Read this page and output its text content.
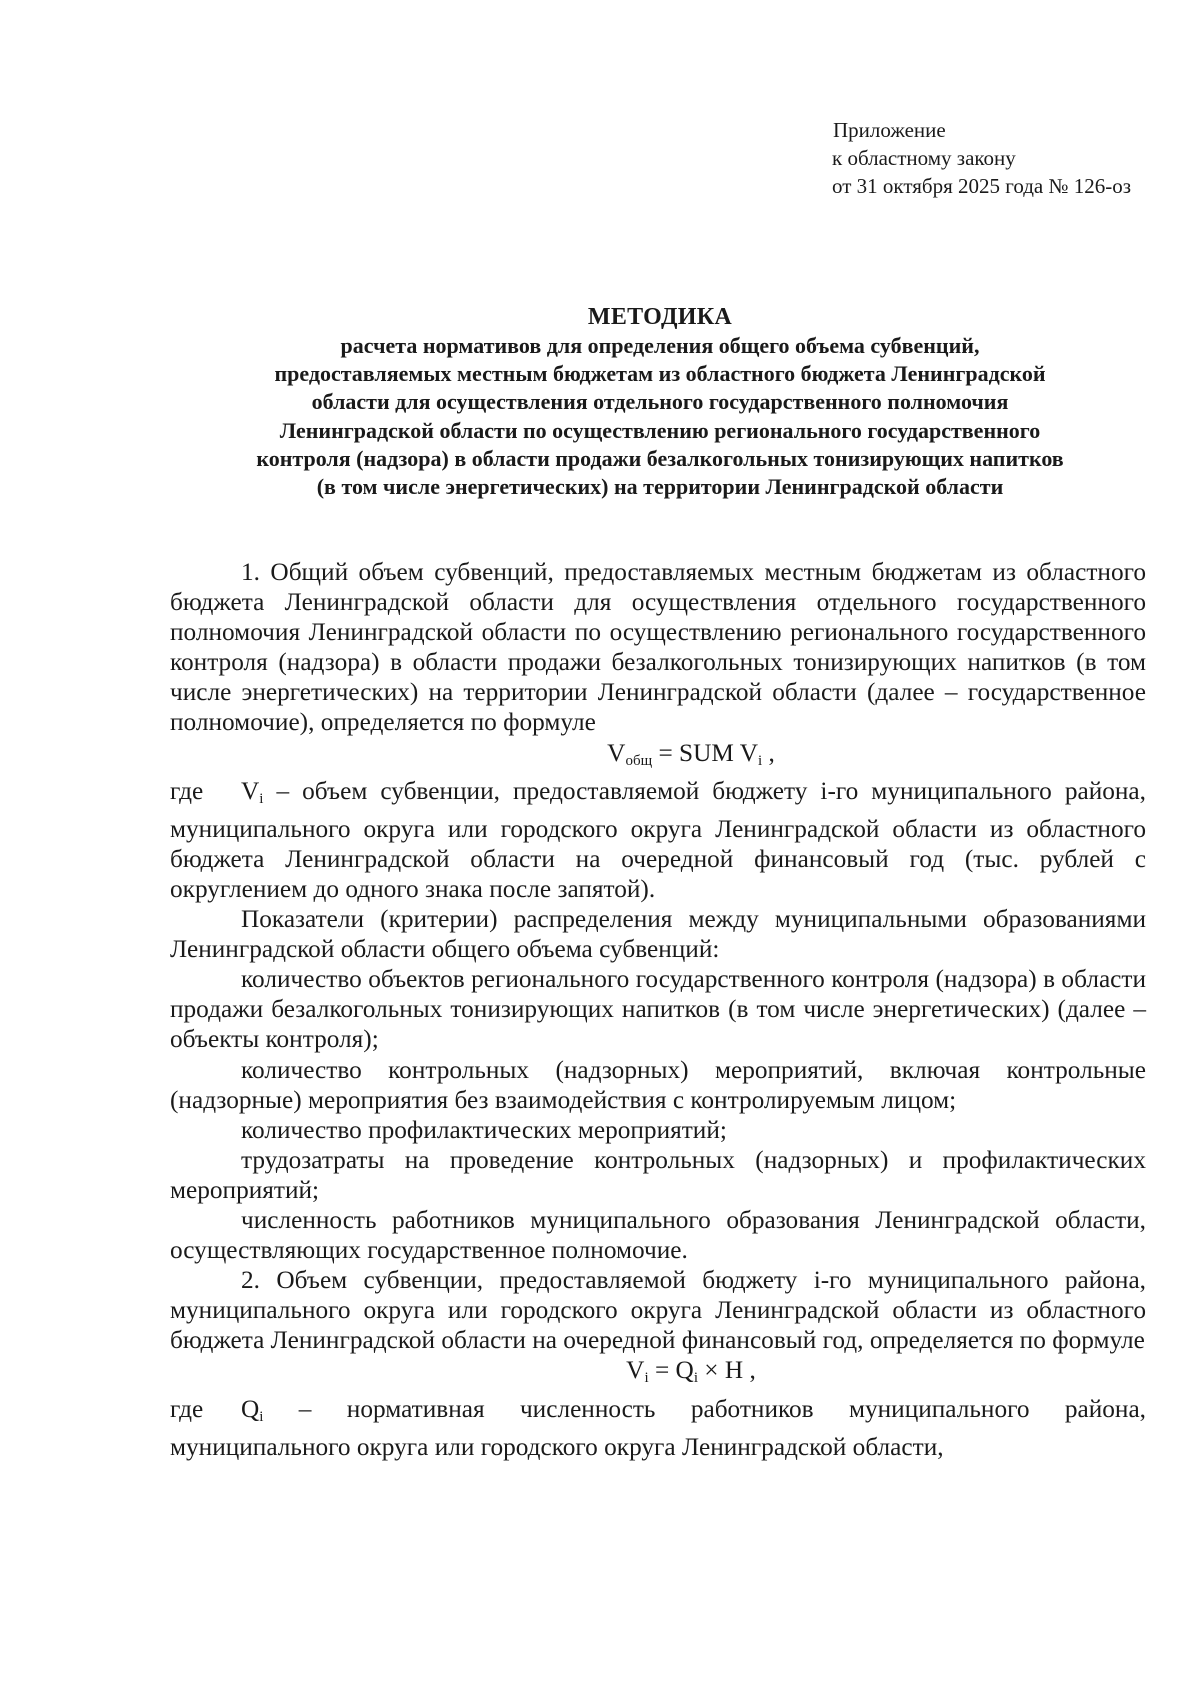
Приложение
к областному закону
от 31 октября 2025 года № 126-оз
МЕТОДИКА
расчета нормативов для определения общего объема субвенций,
предоставляемых местным бюджетам из областного бюджета Ленинградской
области для осуществления отдельного государственного полномочия
Ленинградской области по осуществлению регионального государственного
контроля (надзора) в области продажи безалкогольных тонизирующих напитков
(в том числе энергетических) на территории Ленинградской области

1. Общий объем субвенций, предоставляемых местным бюджетам из областного бюджета Ленинградской области для осуществления отдельного государственного полномочия Ленинградской области по осуществлению регионального государственного контроля (надзора) в области продажи безалкогольных тонизирующих напитков (в том числе энергетических) на территории Ленинградской области (далее – государственное полномочие), определяется по формуле

$V_{общ}$ = SUM $V_i$ ,

где $V_i$ – объем субвенции, предоставляемой бюджету i-го муниципального района, муниципального округа или городского округа Ленинградской области из областного бюджета Ленинградской области на очередной финансовый год (тыс. рублей с округлением до одного знака после запятой).

Показатели (критерии) распределения между муниципальными образованиями Ленинградской области общего объема субвенций:

количество объектов регионального государственного контроля (надзора) в области продажи безалкогольных тонизирующих напитков (в том числе энергетических) (далее – объекты контроля);

количество контрольных (надзорных) мероприятий, включая контрольные (надзорные) мероприятия без взаимодействия с контролируемым лицом;

количество профилактических мероприятий;

трудозатраты на проведение контрольных (надзорных) и профилактических мероприятий;

численность работников муниципального образования Ленинградской области, осуществляющих государственное полномочие.

2. Объем субвенции, предоставляемой бюджету i-го муниципального района, муниципального округа или городского округа Ленинградской области из областного бюджета Ленинградской области на очередной финансовый год, определяется по формуле

$V_i = Q_i \times H$ ,

где $Q_i$ – нормативная численность работников муниципального района, муниципального округа или городского округа Ленинградской области,
